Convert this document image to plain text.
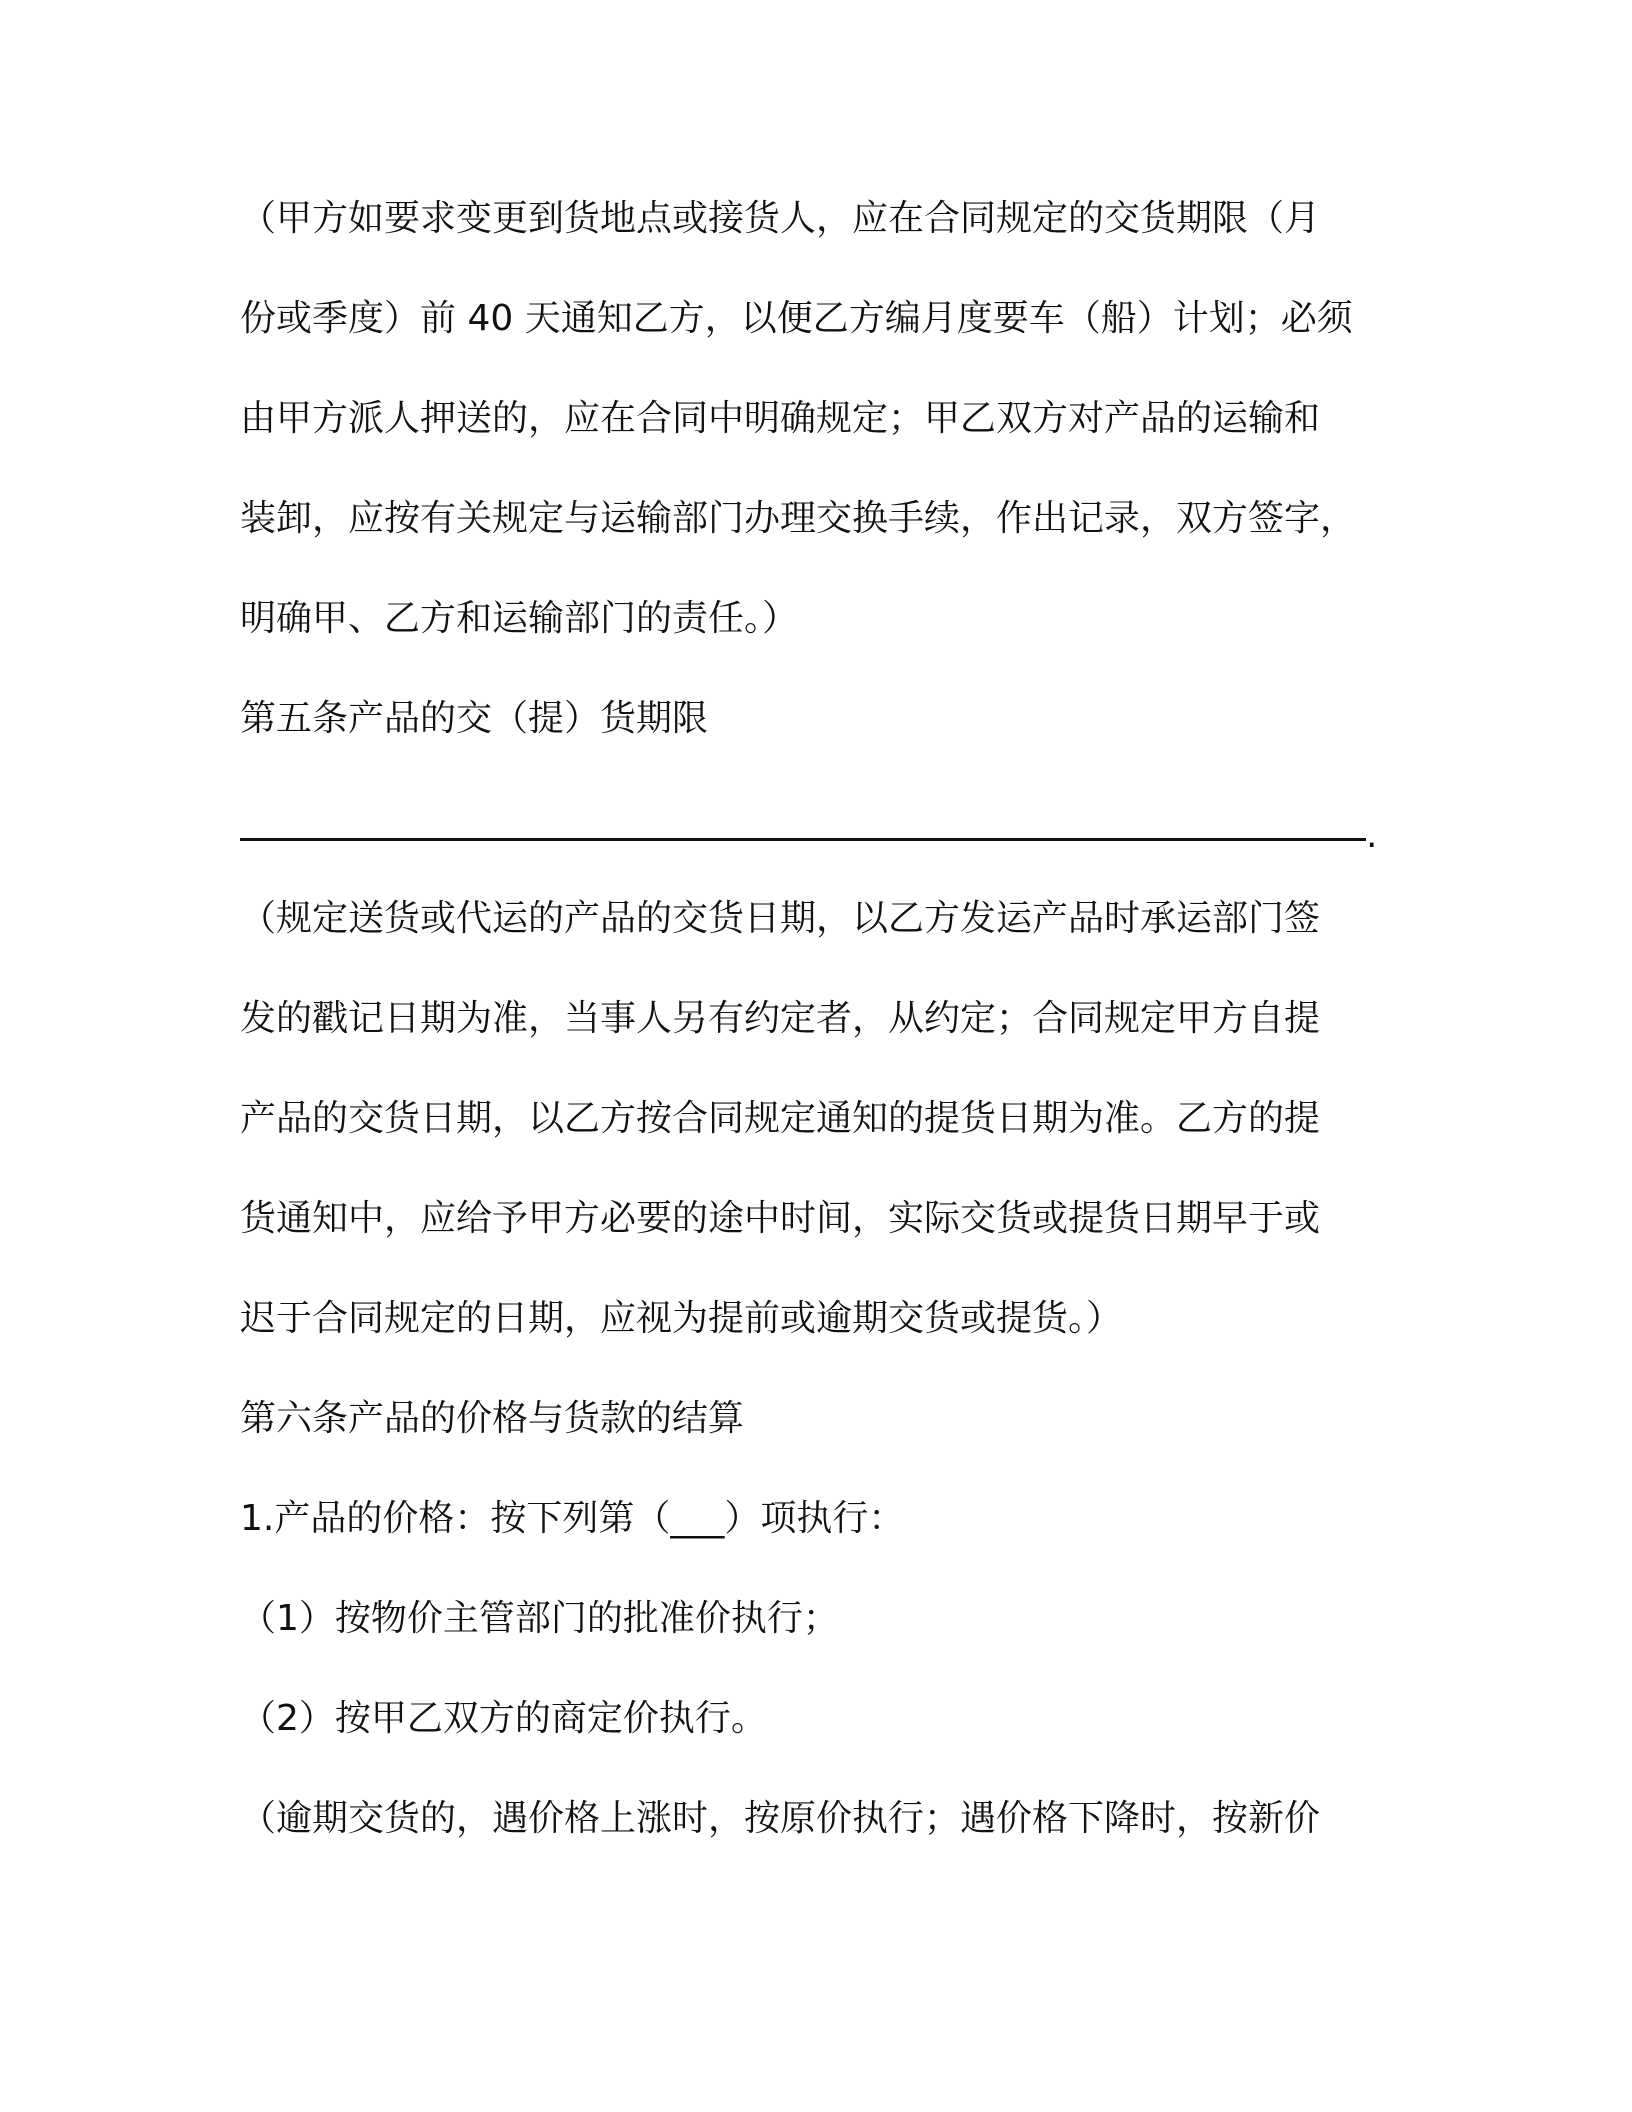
（甲方如要求变更到货地点或接货人，应在合同规定的交货期限（月
份或季度）前 40 天通知乙方，以便乙方编月度要车（船）计划；必须
由甲方派人押送的，应在合同中明确规定；甲乙双方对产品的运输和
装卸，应按有关规定与运输部门办理交换手续，作出记录，双方签字，
明确甲、乙方和运输部门的责任。）
第五条产品的交（提）货期限
.
（规定送货或代运的产品的交货日期，以乙方发运产品时承运部门签
发的戳记日期为准，当事人另有约定者，从约定；合同规定甲方自提
产品的交货日期，以乙方按合同规定通知的提货日期为准。乙方的提
货通知中，应给予甲方必要的途中时间，实际交货或提货日期早于或
迟于合同规定的日期，应视为提前或逾期交货或提货。）
第六条产品的价格与货款的结算
1.产品的价格：按下列第（___）项执行：
（1）按物价主管部门的批准价执行；
（2）按甲乙双方的商定价执行。
（逾期交货的，遇价格上涨时，按原价执行；遇价格下降时，按新价
